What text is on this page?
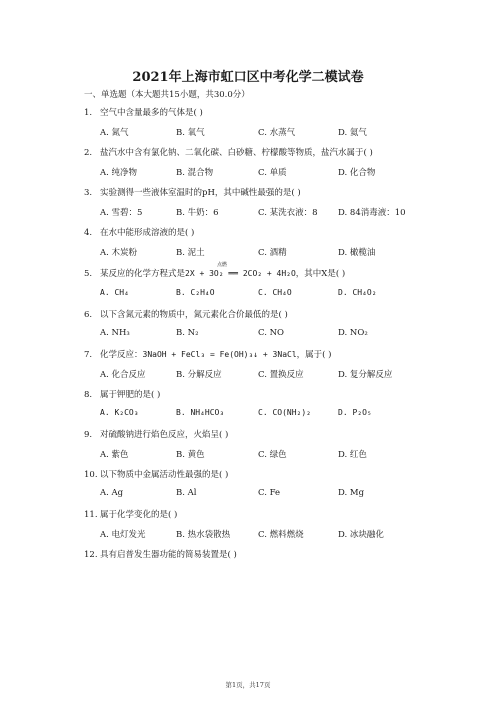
2021年上海市虹口区中考化学二模试卷
一、单选题（本大题共15小题，共30.0分）
1. 空气中含量最多的气体是( )
A. 氮气	B. 氧气	C. 水蒸气	D. 氦气
2. 盐汽水中含有氯化钠、二氧化碳、白砂糖、柠檬酸等物质，盐汽水属于( )
A. 纯净物	B. 混合物	C. 单质	D. 化合物
3. 实验测得一些液体室温时的pH，其中碱性最强的是( )
A. 雪碧：5	B. 牛奶：6	C. 某洗衣液：8 D. 84消毒液：10
4. 在水中能形成溶液的是( )
A. 木炭粉	B. 泥土	C. 酒精	D. 橄榄油
5. 某反应的化学方程式是
点燃
2X + 3O₂ ══ 2CO₂ + 4H₂O，其中X是( )
A. CH₄	B. C₂H₄O	C. CH₄O	D. CH₄O₂
6. 以下含氮元素的物质中，氮元素化合价最低的是( )
A. NH₃	B. N₂	C. NO	D. NO₂
7. 化学反应：3NaOH + FeCl₃ = Fe(OH)₃↓ + 3NaCl，属于( )
A. 化合反应	B. 分解反应	C. 置换反应	D. 复分解反应
8. 属于钾肥的是( )
A. K₂CO₃	B. NH₄HCO₃	C. CO(NH₂)₂	D. P₂O₅
9. 对硫酸钠进行焰色反应，火焰呈( )
A. 紫色	B. 黄色	C. 绿色	D. 红色
10. 以下物质中金属活动性最强的是( )
A. Ag	B. Al	C. Fe	D. Mg
11. 属于化学变化的是( )
A. 电灯发光	B. 热水袋散热	C. 燃料燃烧	D. 冰块融化
12. 具有启普发生器功能的简易装置是( )
第1页，共17页
